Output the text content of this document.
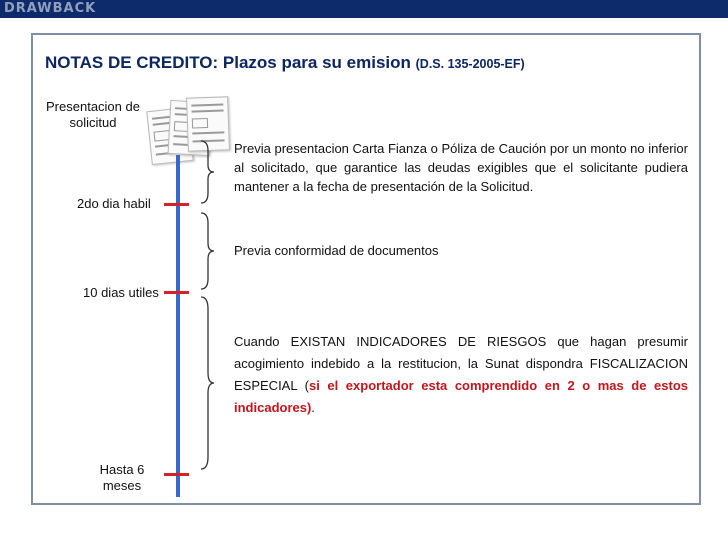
DRAWBACK
NOTAS DE CREDITO: Plazos para su emision (D.S. 135-2005-EF)
Presentacion de solicitud
2do dia habil
10 dias utiles
Hasta 6 meses
Previa presentacion Carta Fianza o Póliza de Caución por un monto no inferior al solicitado, que garantice las deudas exigibles que el solicitante pudiera mantener a la fecha de presentación de la Solicitud.
Previa conformidad de documentos
Cuando EXISTAN INDICADORES DE RIESGOS que hagan presumir acogimiento indebido a la restitucion, la Sunat dispondra FISCALIZACION ESPECIAL (si el exportador esta comprendido en 2 o mas de estos indicadores).
